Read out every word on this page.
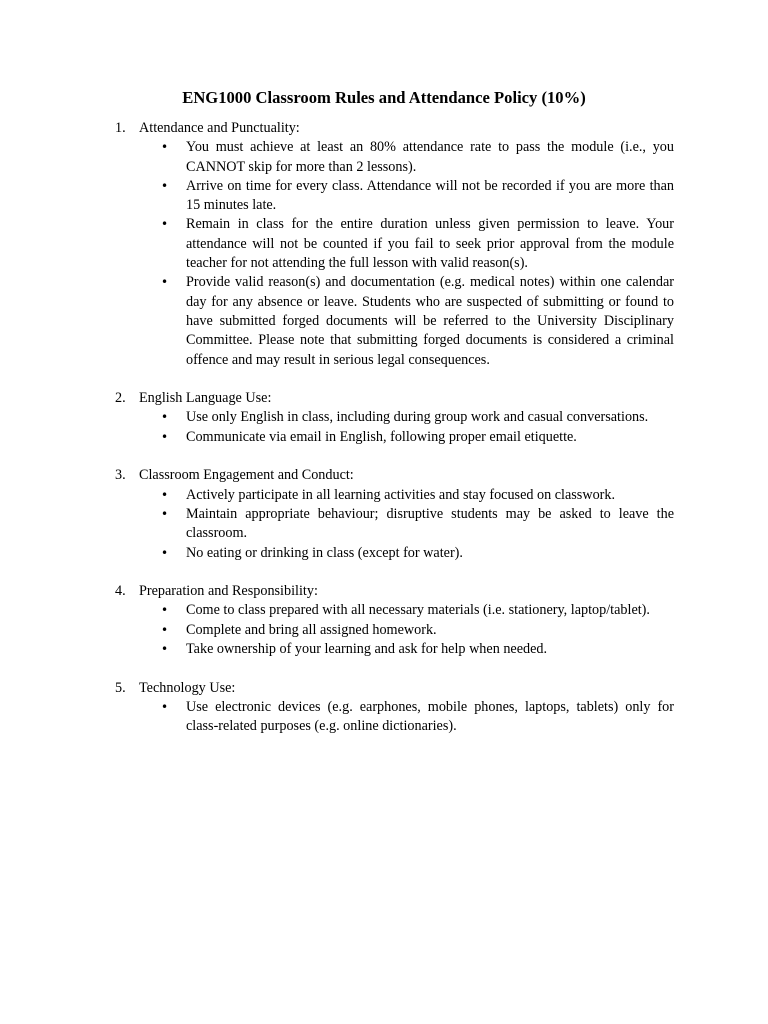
ENG1000 Classroom Rules and Attendance Policy (10%)
1. Attendance and Punctuality:
• You must achieve at least an 80% attendance rate to pass the module (i.e., you CANNOT skip for more than 2 lessons).
• Arrive on time for every class. Attendance will not be recorded if you are more than 15 minutes late.
• Remain in class for the entire duration unless given permission to leave. Your attendance will not be counted if you fail to seek prior approval from the module teacher for not attending the full lesson with valid reason(s).
• Provide valid reason(s) and documentation (e.g. medical notes) within one calendar day for any absence or leave. Students who are suspected of submitting or found to have submitted forged documents will be referred to the University Disciplinary Committee. Please note that submitting forged documents is considered a criminal offence and may result in serious legal consequences.
2. English Language Use:
• Use only English in class, including during group work and casual conversations.
• Communicate via email in English, following proper email etiquette.
3. Classroom Engagement and Conduct:
• Actively participate in all learning activities and stay focused on classwork.
• Maintain appropriate behaviour; disruptive students may be asked to leave the classroom.
• No eating or drinking in class (except for water).
4. Preparation and Responsibility:
• Come to class prepared with all necessary materials (i.e. stationery, laptop/tablet).
• Complete and bring all assigned homework.
• Take ownership of your learning and ask for help when needed.
5. Technology Use:
• Use electronic devices (e.g. earphones, mobile phones, laptops, tablets) only for class-related purposes (e.g. online dictionaries).
